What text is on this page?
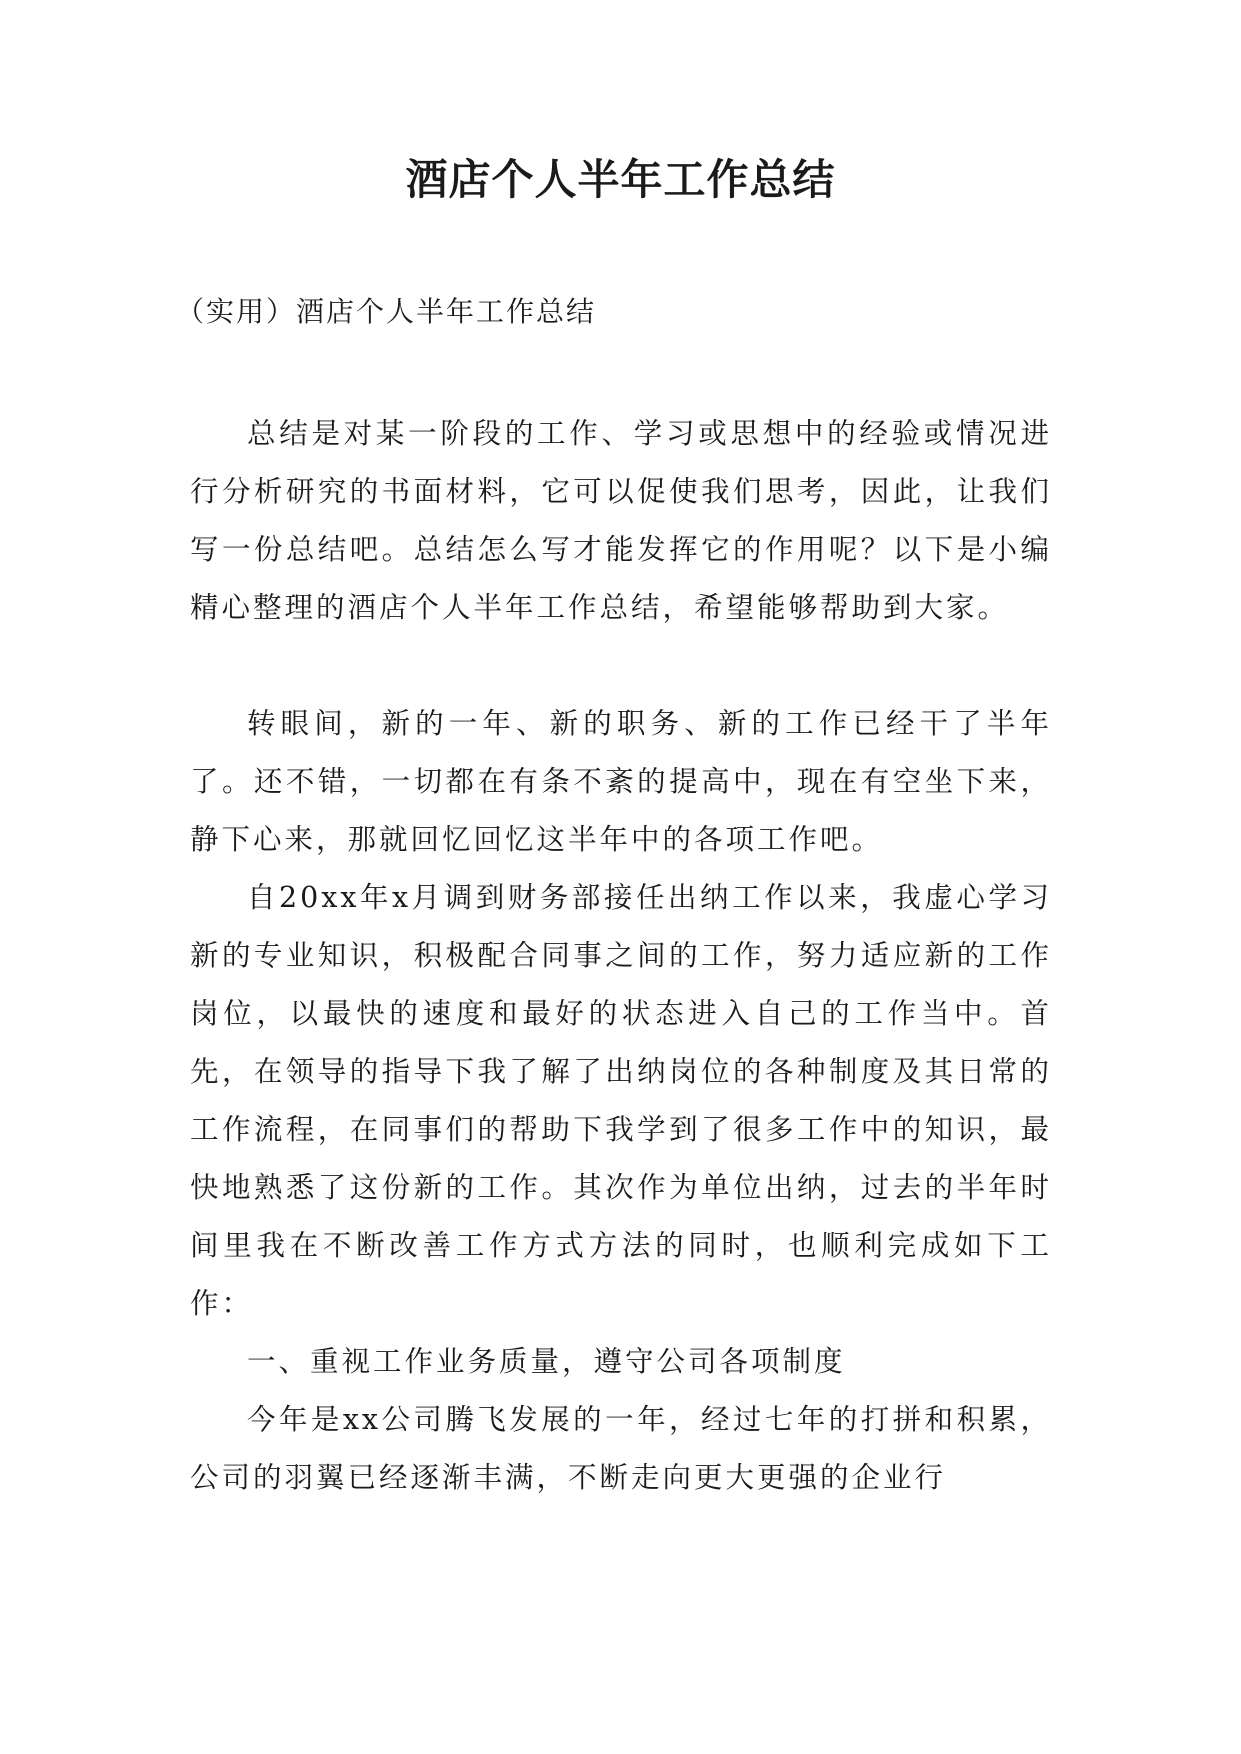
酒店个人半年工作总结
（实用）酒店个人半年工作总结

总结是对某一阶段的工作、学习或思想中的经验或情况进行分析研究的书面材料，它可以促使我们思考，因此，让我们写一份总结吧。总结怎么写才能发挥它的作用呢？以下是小编精心整理的酒店个人半年工作总结，希望能够帮助到大家。

转眼间，新的一年、新的职务、新的工作已经干了半年了。还不错，一切都在有条不紊的提高中，现在有空坐下来，静下心来，那就回忆回忆这半年中的各项工作吧。

自20xx年x月调到财务部接任出纳工作以来，我虚心学习新的专业知识，积极配合同事之间的工作，努力适应新的工作岗位，以最快的速度和最好的状态进入自己的工作当中。首先，在领导的指导下我了解了出纳岗位的各种制度及其日常的工作流程，在同事们的帮助下我学到了很多工作中的知识，最快地熟悉了这份新的工作。其次作为单位出纳，过去的半年时间里我在不断改善工作方式方法的同时，也顺利完成如下工作：

一、重视工作业务质量，遵守公司各项制度

今年是xx公司腾飞发展的一年，经过七年的打拼和积累，公司的羽翼已经逐渐丰满，不断走向更大更强的企业行
